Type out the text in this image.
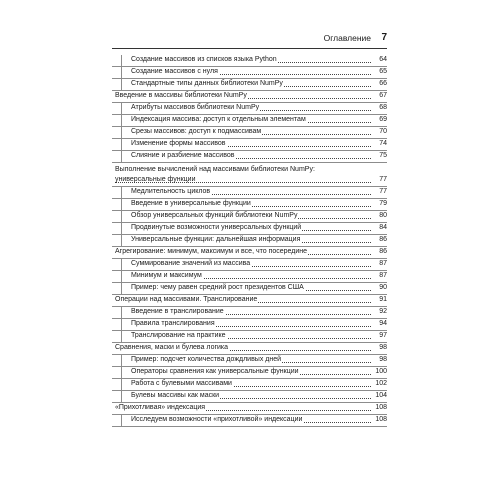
Оглавление 7
Создание массивов из списков языка Python	64
Создание массивов с нуля	65
Стандартные типы данных библиотеки NumPy	66
Введение в массивы библиотеки NumPy	67
Атрибуты массивов библиотеки NumPy	68
Индексация массива: доступ к отдельным элементам	69
Срезы массивов: доступ к подмассивам	70
Изменение формы массивов	74
Слияние и разбиение массивов	75
Выполнение вычислений над массивами библиотеки NumPy: универсальные функции	77
Медлительность циклов	77
Введение в универсальные функции	79
Обзор универсальных функций библиотеки NumPy	80
Продвинутые возможности универсальных функций	84
Универсальные функции: дальнейшая информация	86
Агрегирование: минимум, максимум и все, что посередине	86
Суммирование значений из массива	87
Минимум и максимум	87
Пример: чему равен средний рост президентов США	90
Операции над массивами. Транслирование	91
Введение в транслирование	92
Правила транслирования	94
Транслирование на практике	97
Сравнения, маски и булева логика	98
Пример: подсчет количества дождливых дней	98
Операторы сравнения как универсальные функции	100
Работа с булевыми массивами	102
Булевы массивы как маски	104
«Прихотливая» индексация	108
Исследуем возможности «прихотливой» индексации	108
